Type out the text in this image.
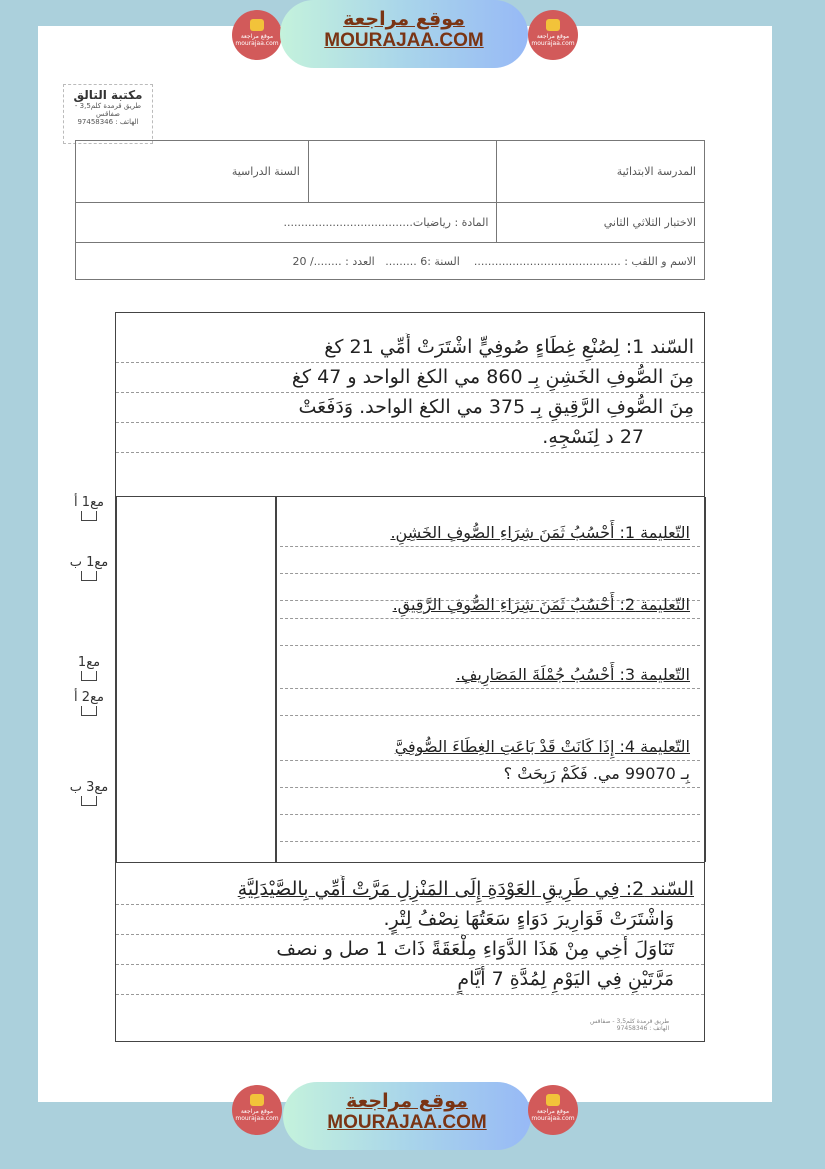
موقع مراجعة mourajaa.com
موقع مراجعة
MOURAJAA.COM	موقع مراجعة mourajaa.com
مكتبة التالق
طريق قرمدة كلم3,5 - صفاقس
الهاتف : 97458346
المدرسة الابتدائية		السنة الدراسية
الاختبار الثلاثي الثاني	المادة : رياضيات.....................................	
الاسم و اللقب : ..........................................    السنة :6 .........   العدد : ......../ 20		
السّند 1: لِصُنْعِ غِطَاءٍ صُوفِيٍّ اشْتَرَتْ أُمِّي 21 كغ
مِنَ الصُّوفِ الخَشِنِ بِـ 860 مي الكغ الواحد و 47 كغ
مِنَ الصُّوفِ الرَّقِيقِ بِـ 375 مي الكغ الواحد. وَدَفَعَتْ
27 د لِنَسْجِهِ.
التّعليمة 1: أَحْسُبُ ثَمَنَ شِرَاءِ الصُّوفِ الخَشِنِ.
التّعليمة 2: أَحْسُبُ ثَمَنَ شِرَاءِ الصُّوفِ الرَّقِيقِ.
التّعليمة 3: أَحْسُبُ جُمْلَةَ المَصَارِيفِ.
التّعليمة 4: إِذَا كَانَتْ قَدْ بَاعَتِ الغِطَاءَ الصُّوفِيَّ
بِـ 99070 مي. فَكَمْ رَبِحَتْ ؟
مع1 أ
مع1 ب
مع1
مع2 أ
مع3 ب
السّند 2: فِي طَرِيقِ العَوْدَةِ إِلَى المَنْزِلِ مَرَّتْ أُمِّي بِالصَّيْدَلِيَّةِ
وَاشْتَرَتْ قَوَارِيرَ دَوَاءٍ سَعَتُهَا نِصْفُ لِتْرٍ.
تَنَاوَلَ أَخِي مِنْ هَذَا الدَّوَاءِ مِلْعَقَةً ذَاتَ 1 صل و نصف
مَرَّتَيْنِ فِي اليَوْمِ لِمُدَّةِ 7 أَيَّامٍ
طريق قرمدة كلم3,5 - صفاقس
الهاتف : 97458346
موقع مراجعة mourajaa.com
موقع مراجعة
MOURAJAA.COM
موقع مراجعة mourajaa.com
